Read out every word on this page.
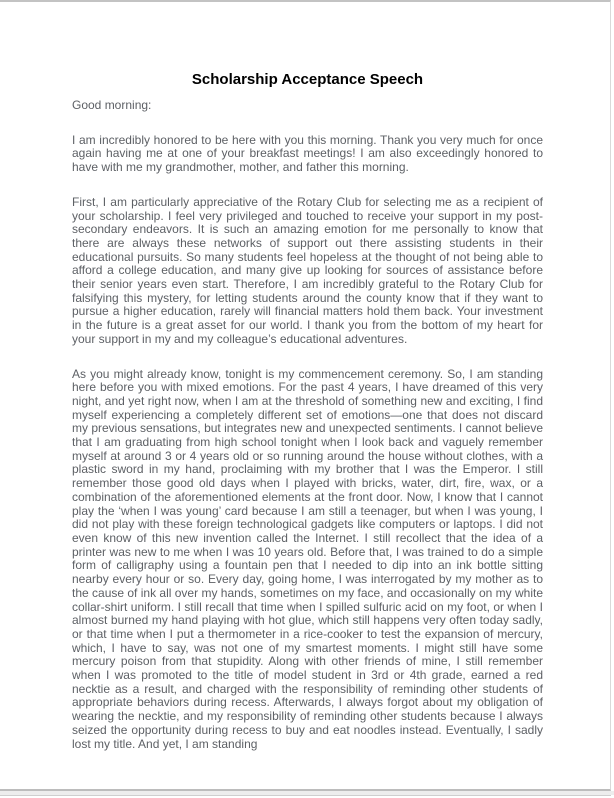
Scholarship Acceptance Speech

Good morning:

I am incredibly honored to be here with you this morning. Thank you very much for once again having me at one of your breakfast meetings! I am also exceedingly honored to have with me my grandmother, mother, and father this morning.

First, I am particularly appreciative of the Rotary Club for selecting me as a recipient of your scholarship. I feel very privileged and touched to receive your support in my post-secondary endeavors. It is such an amazing emotion for me personally to know that there are always these networks of support out there assisting students in their educational pursuits. So many students feel hopeless at the thought of not being able to afford a college education, and many give up looking for sources of assistance before their senior years even start. Therefore, I am incredibly grateful to the Rotary Club for falsifying this mystery, for letting students around the county know that if they want to pursue a higher education, rarely will financial matters hold them back. Your investment in the future is a great asset for our world. I thank you from the bottom of my heart for your support in my and my colleague’s educational adventures.

As you might already know, tonight is my commencement ceremony. So, I am standing here before you with mixed emotions. For the past 4 years, I have dreamed of this very night, and yet right now, when I am at the threshold of something new and exciting, I find myself experiencing a completely different set of emotions—one that does not discard my previous sensations, but integrates new and unexpected sentiments. I cannot believe that I am graduating from high school tonight when I look back and vaguely remember myself at around 3 or 4 years old or so running around the house without clothes, with a plastic sword in my hand, proclaiming with my brother that I was the Emperor. I still remember those good old days when I played with bricks, water, dirt, fire, wax, or a combination of the aforementioned elements at the front door. Now, I know that I cannot play the ‘when I was young’ card because I am still a teenager, but when I was young, I did not play with these foreign technological gadgets like computers or laptops. I did not even know of this new invention called the Internet. I still recollect that the idea of a printer was new to me when I was 10 years old. Before that, I was trained to do a simple form of calligraphy using a fountain pen that I needed to dip into an ink bottle sitting nearby every hour or so. Every day, going home, I was interrogated by my mother as to the cause of ink all over my hands, sometimes on my face, and occasionally on my white collar-shirt uniform. I still recall that time when I spilled sulfuric acid on my foot, or when I almost burned my hand playing with hot glue, which still happens very often today sadly, or that time when I put a thermometer in a rice-cooker to test the expansion of mercury, which, I have to say, was not one of my smartest moments. I might still have some mercury poison from that stupidity. Along with other friends of mine, I still remember when I was promoted to the title of model student in 3rd or 4th grade, earned a red necktie as a result, and charged with the responsibility of reminding other students of appropriate behaviors during recess. Afterwards, I always forgot about my obligation of wearing the necktie, and my responsibility of reminding other students because I always seized the opportunity during recess to buy and eat noodles instead. Eventually, I sadly lost my title. And yet, I am standing
